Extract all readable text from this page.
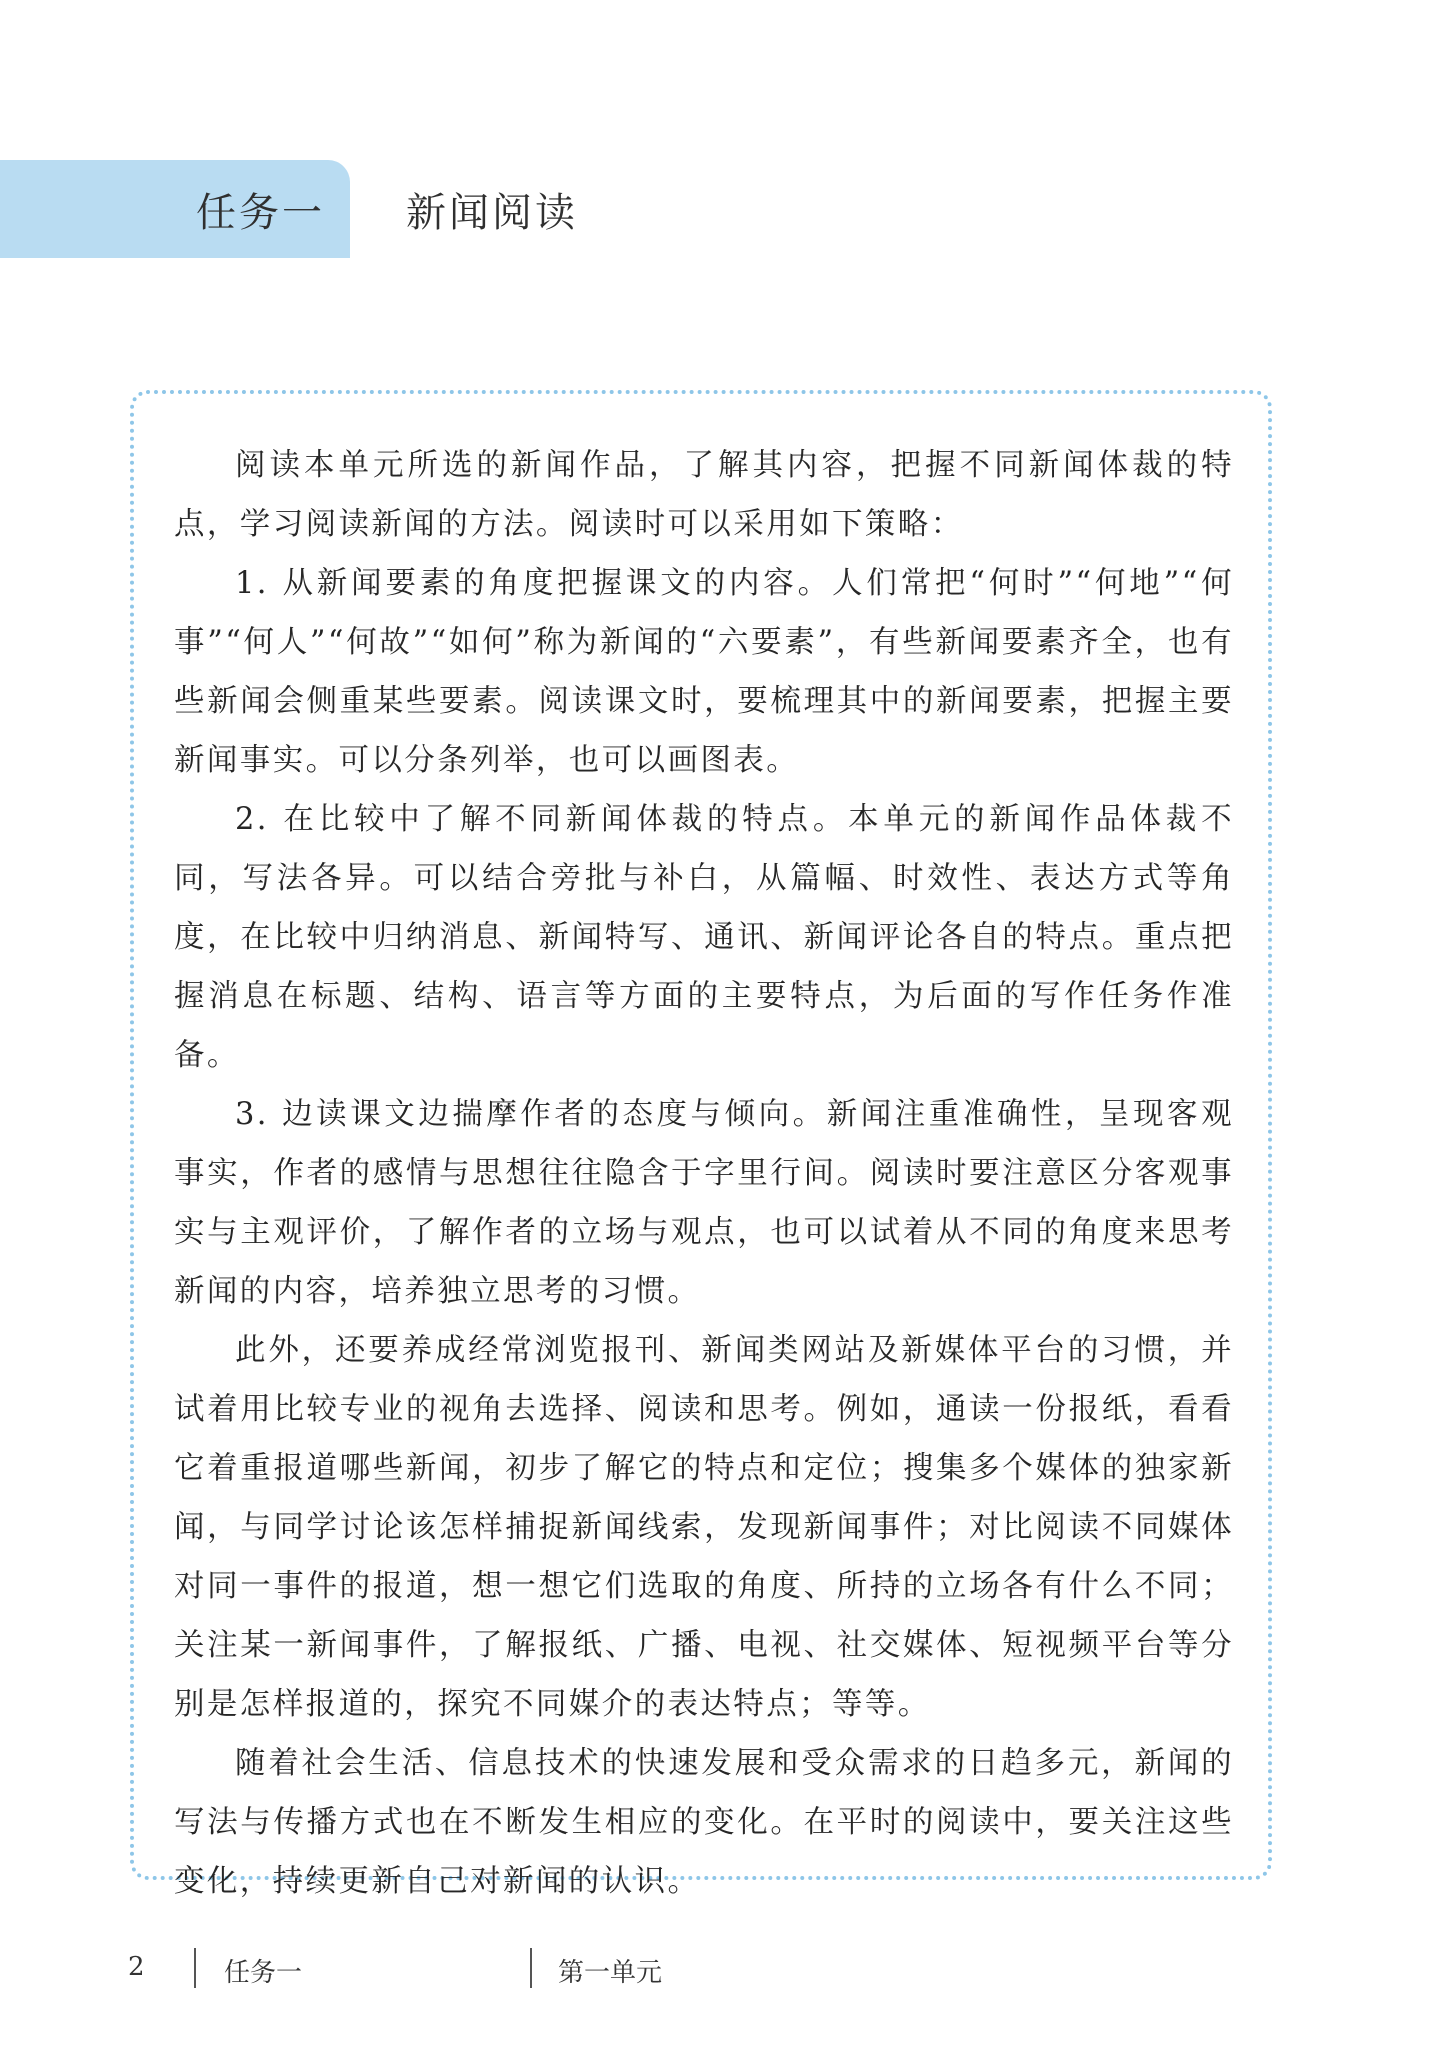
任务一 新闻阅读

阅读本单元所选的新闻作品，了解其内容，把握不同新闻体裁的特点，学习阅读新闻的方法。阅读时可以采用如下策略：

1. 从新闻要素的角度把握课文的内容。人们常把“何时”“何地”“何事”“何人”“何故”“如何”称为新闻的“六要素”，有些新闻要素齐全，也有些新闻会侧重某些要素。阅读课文时，要梳理其中的新闻要素，把握主要新闻事实。可以分条列举，也可以画图表。

2. 在比较中了解不同新闻体裁的特点。本单元的新闻作品体裁不同，写法各异。可以结合旁批与补白，从篇幅、时效性、表达方式等角度，在比较中归纳消息、新闻特写、通讯、新闻评论各自的特点。重点把握消息在标题、结构、语言等方面的主要特点，为后面的写作任务作准备。

3. 边读课文边揣摩作者的态度与倾向。新闻注重准确性，呈现客观事实，作者的感情与思想往往隐含于字里行间。阅读时要注意区分客观事实与主观评价，了解作者的立场与观点，也可以试着从不同的角度来思考新闻的内容，培养独立思考的习惯。

此外，还要养成经常浏览报刊、新闻类网站及新媒体平台的习惯，并试着用比较专业的视角去选择、阅读和思考。例如，通读一份报纸，看看它着重报道哪些新闻，初步了解它的特点和定位；搜集多个媒体的独家新闻，与同学讨论该怎样捕捉新闻线索，发现新闻事件；对比阅读不同媒体对同一事件的报道，想一想它们选取的角度、所持的立场各有什么不同；关注某一新闻事件，了解报纸、广播、电视、社交媒体、短视频平台等分别是怎样报道的，探究不同媒介的表达特点；等等。

随着社会生活、信息技术的快速发展和受众需求的日趋多元，新闻的写法与传播方式也在不断发生相应的变化。在平时的阅读中，要关注这些变化，持续更新自己对新闻的认识。

2	任务一	第一单元
